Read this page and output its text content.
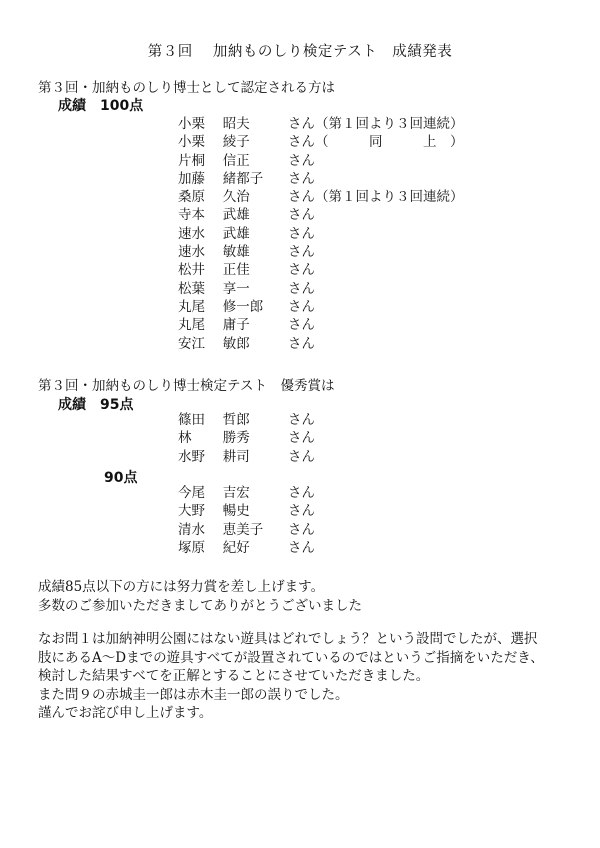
第３回　 加納ものしり検定テスト　成績発表
第３回・加納ものしり博士として認定される方は
成績　100点
小栗　 昭夫	さん（第１回より３回連続）
小栗　 綾子	さん（　　　同　　　上　）
片桐　 信正	さん
加藤　 緒都子 さん
桑原　 久治	さん（第１回より３回連続）
寺本　 武雄	さん
速水　 武雄	さん
速水　 敏雄	さん
松井　 正佳	さん
松葉　 享一	さん
丸尾　 修一郎 さん
丸尾　 庸子	さん
安江　 敏郎	さん
第３回・加納ものしり博士検定テスト　優秀賞は
成績　95点
篠田　 哲郎	さん
林　　 勝秀	さん
水野　 耕司	さん
90点
今尾　 吉宏	さん
大野　 暢史	さん
清水　 恵美子 さん
塚原　 紀好	さん

成績85点以下の方には努力賞を差し上げます。

多数のご参加いただきましてありがとうございました

なお問１は加納神明公園にはない遊具はどれでしょう？という設問でしたが、選択

肢にあるA～Dまでの遊具すべてが設置されているのではというご指摘をいただき、

検討した結果すべてを正解とすることにさせていただきました。

また問９の赤城圭一郎は赤木圭一郎の誤りでした。

謹んでお詫び申し上げます。
